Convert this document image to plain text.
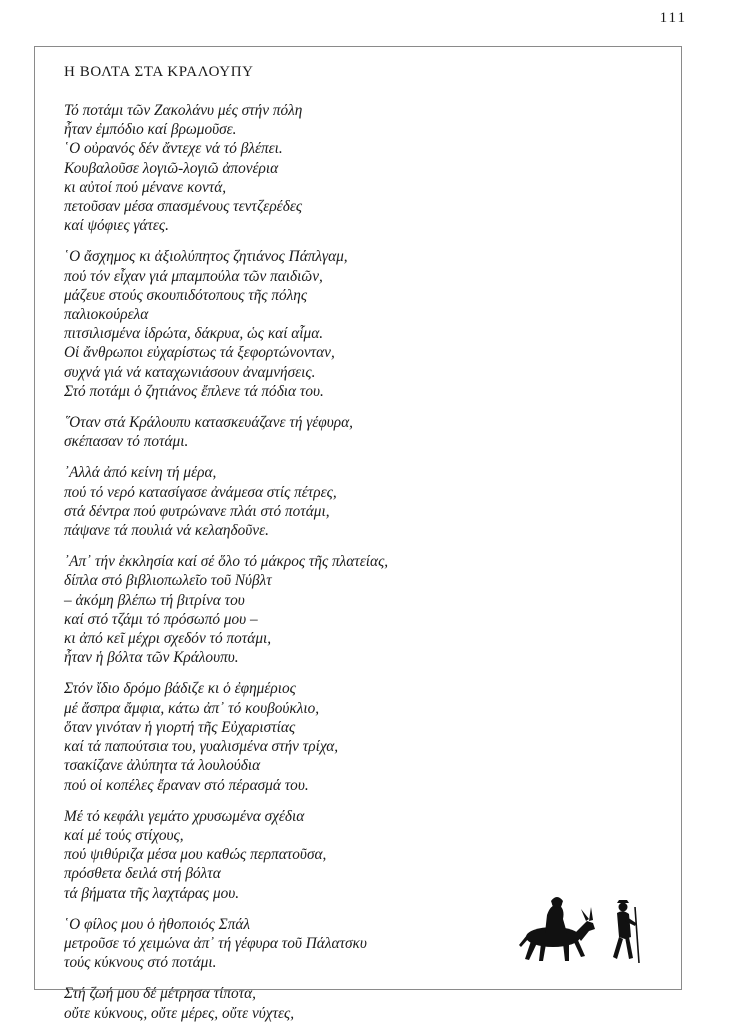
111
Η ΒΟΛΤΑ ΣΤΑ ΚΡΑΛΟΥΠΥ
Τό ποτάμι τῶν Ζακολάνυ μές στήν πόλη
ἦταν ἐμπόδιο καί βρωμοῦσε.
῾Ο οὐρανός δέν ἄντεχε νά τό βλέπει.
Κουβαλοῦσε λογιῶ-λογιῶ ἀπονέρια
κι αὐτοί πού μένανε κοντά,
πετοῦσαν μέσα σπασμένους τεντζερέδες
καί ψόφιες γάτες.
῾Ο ἄσχημος κι ἀξιολύπητος ζητιάνος Πάπλγαμ,
πού τόν εἶχαν γιά μπαμπούλα τῶν παιδιῶν,
μάζευε στούς σκουπιδότοπους τῆς πόλης
παλιοκούρελα
πιτσιλισμένα ἱδρώτα, δάκρυα, ὡς καί αἷμα.
Οἱ ἄνθρωποι εὐχαρίστως τά ξεφορτώνονταν,
συχνά γιά νά καταχωνιάσουν ἀναμνήσεις.
Στό ποτάμι ὁ ζητιάνος ἔπλενε τά πόδια του.
῞Οταν στά Κράλουπυ κατασκευάζανε τή γέφυρα,
σκέπασαν τό ποτάμι.
᾿Αλλά ἀπό κείνη τή μέρα,
πού τό νερό κατασίγασε ἀνάμεσα στίς πέτρες,
στά δέντρα πού φυτρώνανε πλάι στό ποτάμι,
πάψανε τά πουλιά νά κελαηδοῦνε.
᾿Απ᾿ τήν ἐκκλησία καί σέ ὅλο τό μάκρος τῆς πλατείας,
δίπλα στό βιβλιοπωλεῖο τοῦ Νύβλτ
– ἀκόμη βλέπω τή βιτρίνα του
καί στό τζάμι τό πρόσωπό μου –
κι ἀπό κεῖ μέχρι σχεδόν τό ποτάμι,
ἦταν ἡ βόλτα τῶν Κράλουπυ.
Στόν ἴδιο δρόμο βάδιζε κι ὁ ἐφημέριος
μέ ἄσπρα ἄμφια, κάτω ἀπ᾿ τό κουβούκλιο,
ὅταν γινόταν ἡ γιορτή τῆς Εὐχαριστίας
καί τά παπούτσια του, γυαλισμένα στήν τρίχα,
τσακίζανε ἀλύπητα τά λουλούδια
πού οἱ κοπέλες ἔραναν στό πέρασμά του.
Μέ τό κεφάλι γεμάτο χρυσωμένα σχέδια
καί μέ τούς στίχους,
πού ψιθύριζα μέσα μου καθώς περπατοῦσα,
πρόσθετα δειλά στή βόλτα
τά βήματα τῆς λαχτάρας μου.
῾Ο φίλος μου ὁ ἠθοποιός Σπάλ
μετροῦσε τό χειμώνα ἀπ᾿ τή γέφυρα τοῦ Πάλατσκυ
τούς κύκνους στό ποτάμι.
Στή ζωή μου δέ μέτρησα τίποτα,
οὔτε κύκνους, οὔτε μέρες, οὔτε νύχτες,
